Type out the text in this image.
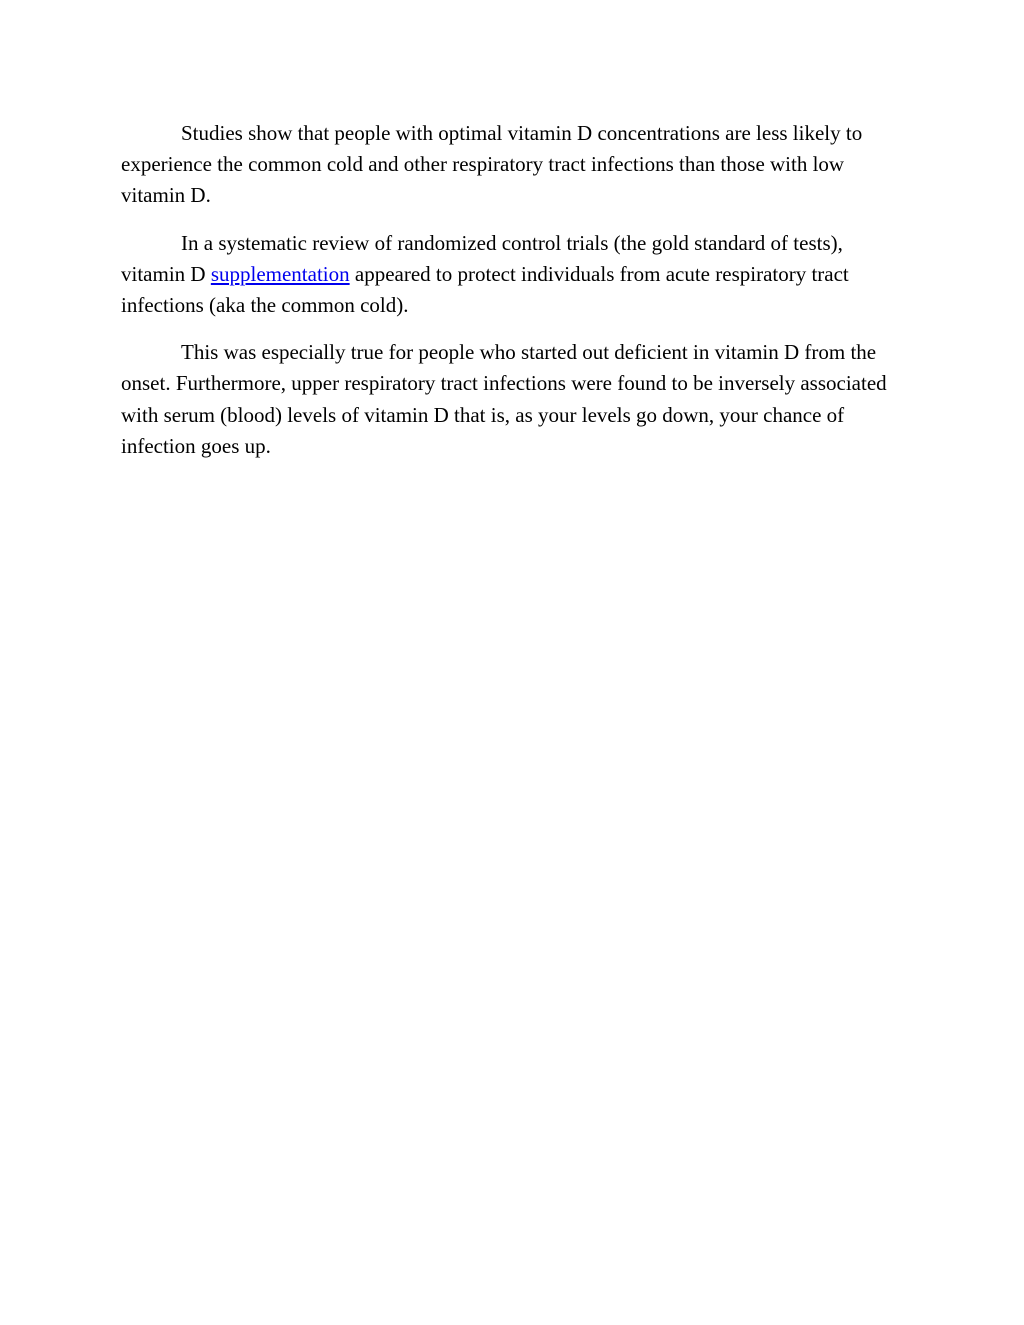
Studies show that people with optimal vitamin D concentrations are less likely to experience the common cold and other respiratory tract infections than those with low vitamin D.

In a systematic review of randomized control trials (the gold standard of tests), vitamin D supplementation appeared to protect individuals from acute respiratory tract infections (aka the common cold).

This was especially true for people who started out deficient in vitamin D from the onset. Furthermore, upper respiratory tract infections were found to be inversely associated with serum (blood) levels of vitamin D that is, as your levels go down, your chance of infection goes up.
